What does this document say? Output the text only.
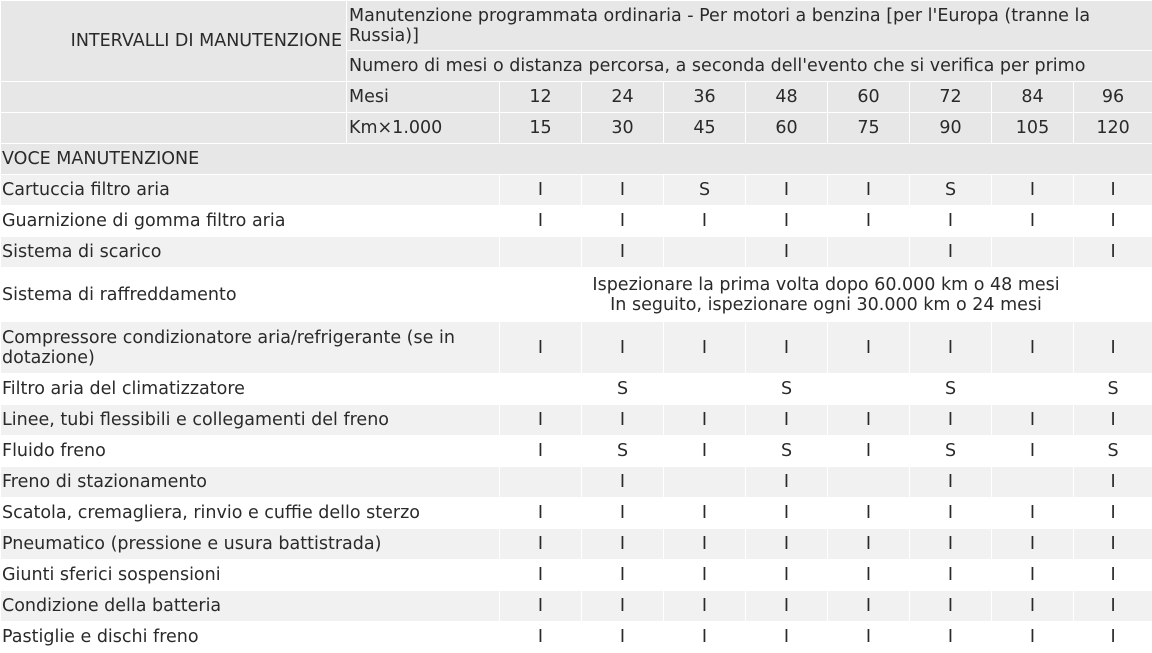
INTERVALLI DI MANUTENZIONE	Manutenzione programmata ordinaria - Per motori a benzina [per l'Europa (tranne la Russia)]								
	Numero di mesi o distanza percorsa, a seconda dell'evento che si verifica per primo								
	Mesi	12	24	36	48	60	72	84	96
	Km×1.000	15	30	45	60	75	90	105	120
VOCE MANUTENZIONE									
Cartuccia filtro aria		I	I	S	I	I	S	I	I
Guarnizione di gomma filtro aria		I	I	I	I	I	I	I	I
Sistema di scarico			I		I		I		I
Sistema di raffreddamento		Ispezionare la prima volta dopo 60.000 km o 48 mesi
In seguito, ispezionare ogni 30.000 km o 24 mesi							

Compressore condizionatore aria/refrigerante (se in dotazione)		I	I	I	I	I	I	I	I
Filtro aria del climatizzatore			S		S		S		S
Linee, tubi flessibili e collegamenti del freno		I	I	I	I	I	I	I	I
Fluido freno		I	S	I	S	I	S	I	S
Freno di stazionamento			I		I		I		I
Scatola, cremagliera, rinvio e cuffie dello sterzo		I	I	I	I	I	I	I	I
Pneumatico (pressione e usura battistrada)		I	I	I	I	I	I	I	I
Giunti sferici sospensioni		I	I	I	I	I	I	I	I
Condizione della batteria		I	I	I	I	I	I	I	I
Pastiglie e dischi freno		I	I	I	I	I	I	I	I
